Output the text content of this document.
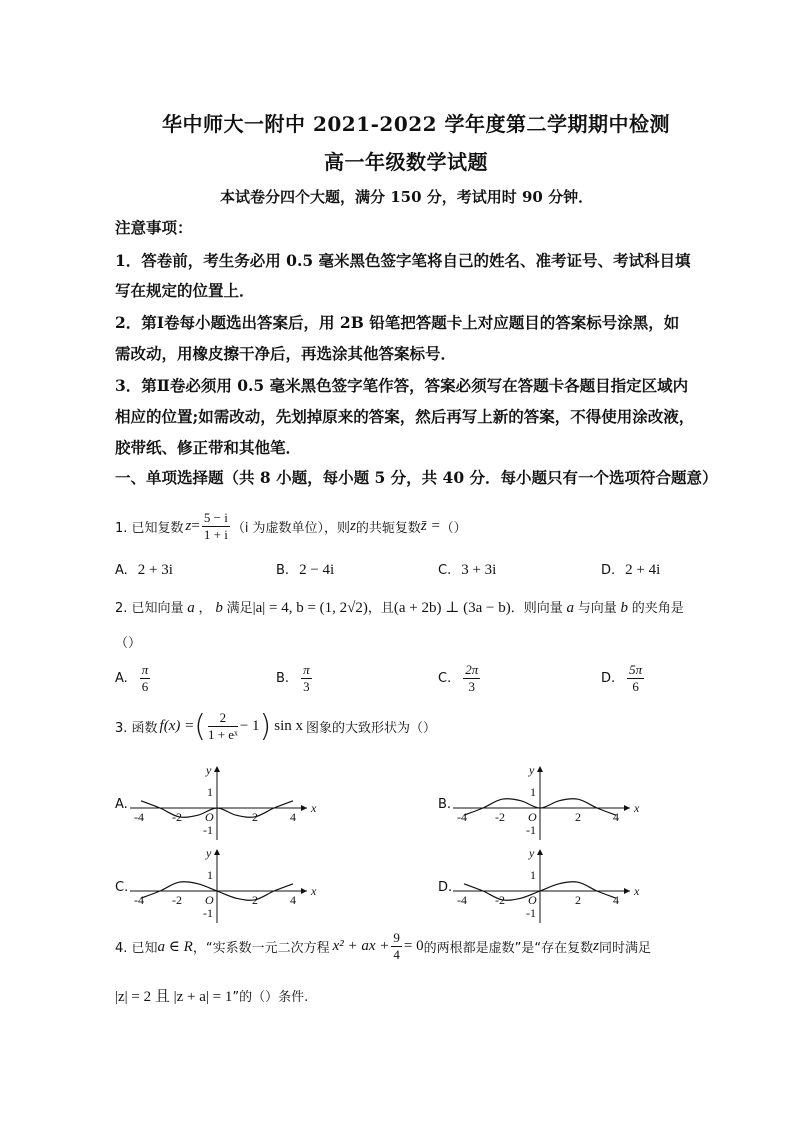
华中师大一附中 2021-2022 学年度第二学期期中检测
高一年级数学试题
本试卷分四个大题，满分 150 分，考试用时 90 分钟．
注意事项：
1．答卷前，考生务必用 0.5 毫米黑色签字笔将自己的姓名、准考证号、考试科目填
写在规定的位置上．
2．第Ⅰ卷每小题选出答案后，用 2B 铅笔把答题卡上对应题目的答案标号涂黑，如
需改动，用橡皮擦干净后，再选涂其他答案标号．
3．第Ⅱ卷必须用 0.5 毫米黑色签字笔作答，答案必须写在答题卡各题目指定区域内
相应的位置;如需改动，先划掉原来的答案，然后再写上新的答案，不得使用涂改液，
胶带纸、修正带和其他笔．
一、单项选择题（共 8 小题，每小题 5 分，共 40 分．每小题只有一个选项符合题意）
1. 已知复数 $z = \frac{5 - i}{1 + i} (i$ 为虚数单位），则 z 的共轭复数 z̄ = （）
A. 2 + 3i	B. 2 − 4i	C. 3 + 3i	D. 2 + 4i
2. 已知向量 a ， b 满足|a| = 4, b = (1, 2√2)，且(a + 2b) ⊥ (3a − b)．则向量 a 与向量 b 的夹角是
（）
A. $\frac{\pi}{6}$	B. $\frac{\pi}{3}$	C. $\frac{2\pi}{3}$	D. $\frac{5\pi}{6}$
3. 函数 f(x) = ( $\frac{2}{\text{1 + eˣ}} - 1$ ) sin x 图象的大致形状为（）
A.	B.
C.	D.
y
x
1
-1
O
-4 -2	2	4
y
x
1
-1
O
-4 -2	2	4
y
x
1
-1
O
-4 -2	2	4
y
x
1
-1
O
-4 -2	2	4
4. 已知 a ∈ R ，“实系数一元二次方程 x² + ax + $\frac{9}{4} = 0$ 的两根都是虚数”是“存在复数 z 同时满足
|z| = 2 且 |z + a| = 1”的（）条件.
